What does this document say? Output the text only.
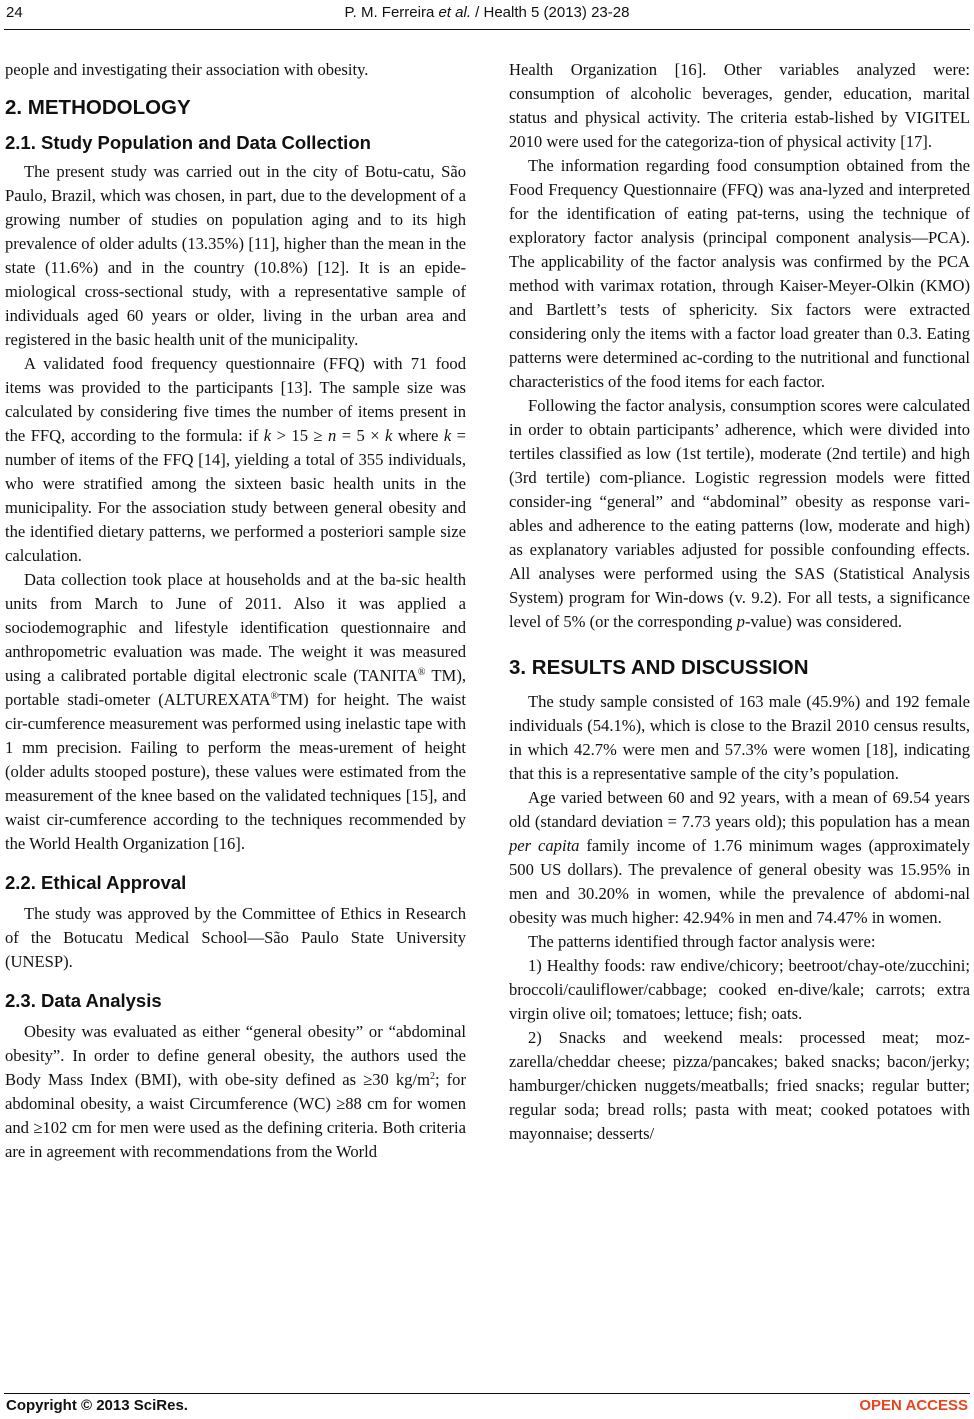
24	P. M. Ferreira et al. / Health 5 (2013) 23-28

people and investigating their association with obesity.

2. METHODOLOGY
2.1. Study Population and Data Collection

The present study was carried out in the city of Botu-catu, São Paulo, Brazil, which was chosen, in part, due to the development of a growing number of studies on population aging and to its high prevalence of older adults (13.35%) [11], higher than the mean in the state (11.6%) and in the country (10.8%) [12]. It is an epide-miological cross-sectional study, with a representative sample of individuals aged 60 years or older, living in the urban area and registered in the basic health unit of the municipality.

A validated food frequency questionnaire (FFQ) with 71 food items was provided to the participants [13]. The sample size was calculated by considering five times the number of items present in the FFQ, according to the formula: if k > 15 ≥ n = 5 × k where k = number of items of the FFQ [14], yielding a total of 355 individuals, who were stratified among the sixteen basic health units in the municipality. For the association study between general obesity and the identified dietary patterns, we performed a posteriori sample size calculation.

Data collection took place at households and at the ba-sic health units from March to June of 2011. Also it was applied a sociodemographic and lifestyle identification questionnaire and anthropometric evaluation was made. The weight it was measured using a calibrated portable digital electronic scale (TANITA® TM), portable stadi-ometer (ALTUREXATA®TM) for height. The waist cir-cumference measurement was performed using inelastic tape with 1 mm precision. Failing to perform the meas-urement of height (older adults stooped posture), these values were estimated from the measurement of the knee based on the validated techniques [15], and waist cir-cumference according to the techniques recommended by the World Health Organization [16].

2.2. Ethical Approval

The study was approved by the Committee of Ethics in Research of the Botucatu Medical School—São Paulo State University (UNESP).

2.3. Data Analysis

Obesity was evaluated as either “general obesity” or “abdominal obesity”. In order to define general obesity, the authors used the Body Mass Index (BMI), with obe-sity defined as ≥30 $kg/m^2$; for abdominal obesity, a waist Circumference (WC) ≥88 cm for women and ≥102 cm for men were used as the defining criteria. Both criteria are in agreement with recommendations from the World

Health Organization [16]. Other variables analyzed were: consumption of alcoholic beverages, gender, education, marital status and physical activity. The criteria estab-lished by VIGITEL 2010 were used for the categoriza-tion of physical activity [17].

The information regarding food consumption obtained from the Food Frequency Questionnaire (FFQ) was ana-lyzed and interpreted for the identification of eating pat-terns, using the technique of exploratory factor analysis (principal component analysis—PCA). The applicability of the factor analysis was confirmed by the PCA method with varimax rotation, through Kaiser-Meyer-Olkin (KMO) and Bartlett’s tests of sphericity. Six factors were extracted considering only the items with a factor load greater than 0.3. Eating patterns were determined ac-cording to the nutritional and functional characteristics of the food items for each factor.

Following the factor analysis, consumption scores were calculated in order to obtain participants’ adherence, which were divided into tertiles classified as low (1st tertile), moderate (2nd tertile) and high (3rd tertile) com-pliance. Logistic regression models were fitted consider-ing “general” and “abdominal” obesity as response vari-ables and adherence to the eating patterns (low, moderate and high) as explanatory variables adjusted for possible confounding effects. All analyses were performed using the SAS (Statistical Analysis System) program for Win-dows (v. 9.2). For all tests, a significance level of 5% (or the corresponding p-value) was considered.

3. RESULTS AND DISCUSSION

The study sample consisted of 163 male (45.9%) and 192 female individuals (54.1%), which is close to the Brazil 2010 census results, in which 42.7% were men and 57.3% were women [18], indicating that this is a representative sample of the city’s population.

Age varied between 60 and 92 years, with a mean of 69.54 years old (standard deviation = 7.73 years old); this population has a mean per capita family income of 1.76 minimum wages (approximately 500 US dollars). The prevalence of general obesity was 15.95% in men and 30.20% in women, while the prevalence of abdomi-nal obesity was much higher: 42.94% in men and 74.47% in women.

The patterns identified through factor analysis were:

1) Healthy foods: raw endive/chicory; beetroot/chay-ote/zucchini; broccoli/cauliflower/cabbage; cooked en-dive/kale; carrots; extra virgin olive oil; tomatoes; lettuce; fish; oats.

2) Snacks and weekend meals: processed meat; moz-zarella/cheddar cheese; pizza/pancakes; baked snacks; bacon/jerky; hamburger/chicken nuggets/meatballs; fried snacks; regular butter; regular soda; bread rolls; pasta with meat; cooked potatoes with mayonnaise; desserts/

Copyright © 2013 SciRes.	OPEN ACCESS
